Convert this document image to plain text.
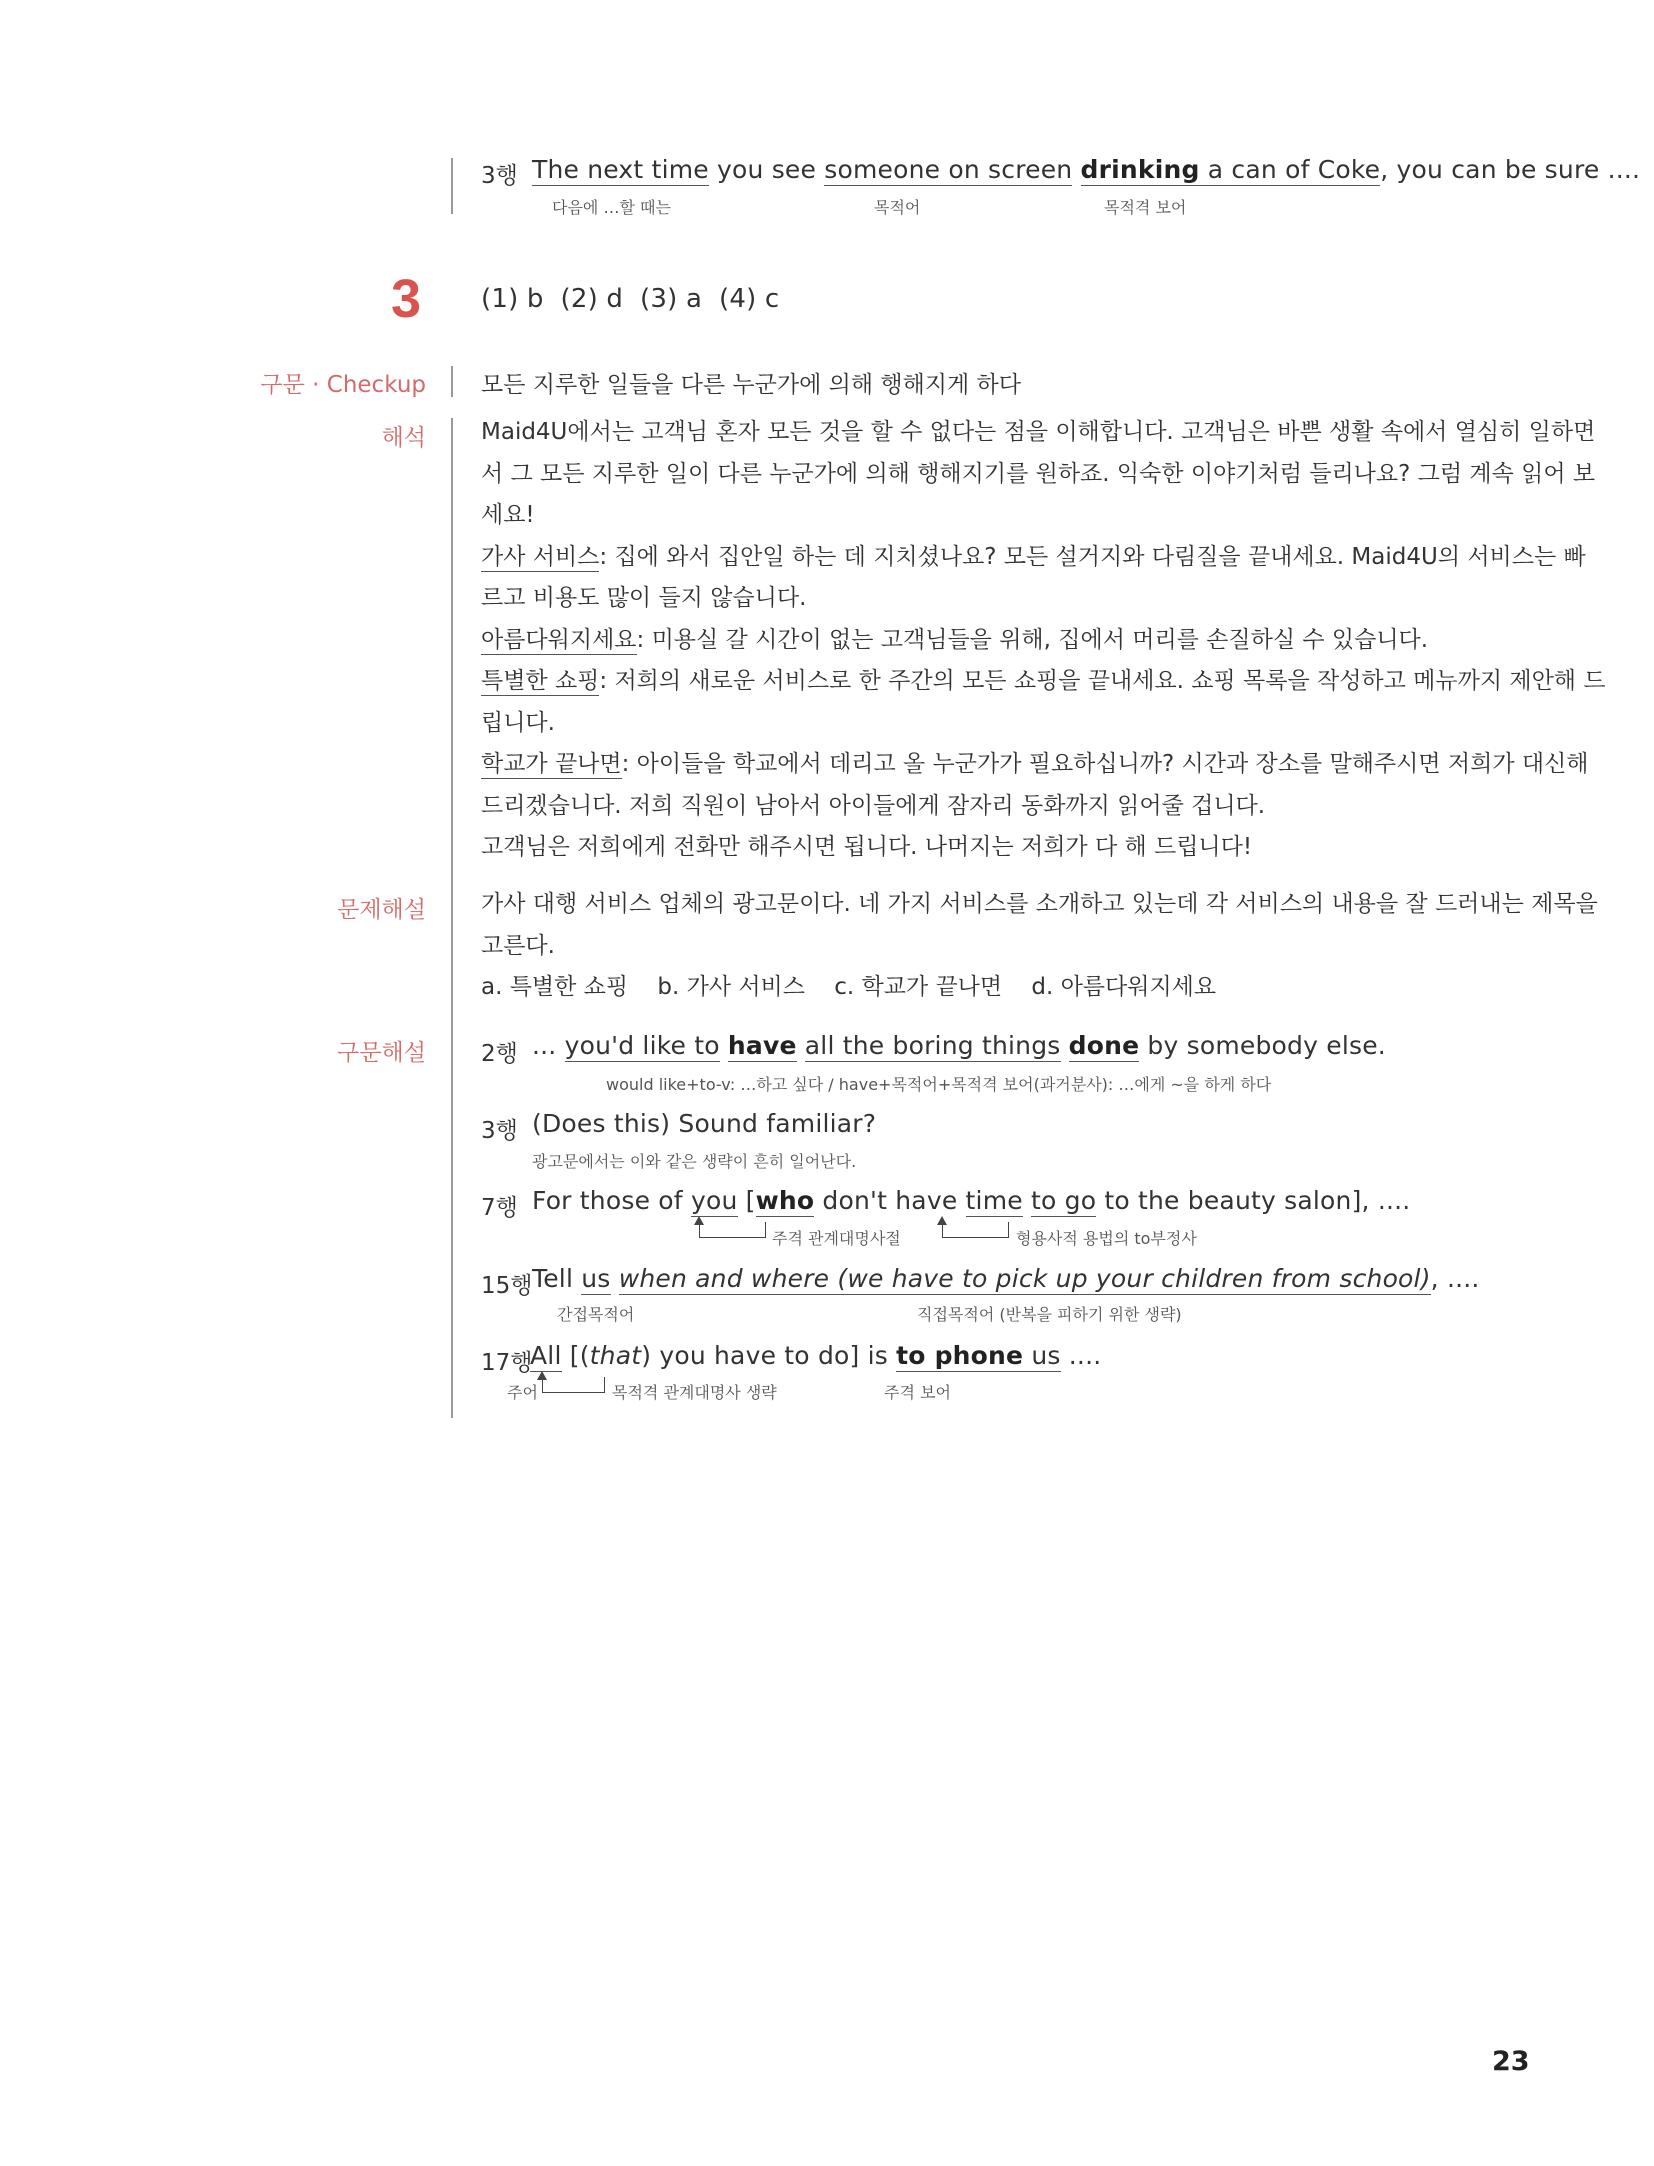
3행 The next time you see someone on screen drinking a can of Coke, you can be sure ....
다음에 …할 때는	목적어	목적격 보어
3 (1) b  (2) d  (3) a  (4) c
구문 · Checkup 모든 지루한 일들을 다른 누군가에 의해 행해지게 하다
해석 Maid4U에서는 고객님 혼자 모든 것을 할 수 없다는 점을 이해합니다. 고객님은 바쁜 생활 속에서 열심히 일하면
서 그 모든 지루한 일이 다른 누군가에 의해 행해지기를 원하죠. 익숙한 이야기처럼 들리나요? 그럼 계속 읽어 보
세요!
가사 서비스: 집에 와서 집안일 하는 데 지치셨나요? 모든 설거지와 다림질을 끝내세요. Maid4U의 서비스는 빠
르고 비용도 많이 들지 않습니다.
아름다워지세요: 미용실 갈 시간이 없는 고객님들을 위해, 집에서 머리를 손질하실 수 있습니다.
특별한 쇼핑: 저희의 새로운 서비스로 한 주간의 모든 쇼핑을 끝내세요. 쇼핑 목록을 작성하고 메뉴까지 제안해 드
립니다.
학교가 끝나면: 아이들을 학교에서 데리고 올 누군가가 필요하십니까? 시간과 장소를 말해주시면 저희가 대신해
드리겠습니다. 저희 직원이 남아서 아이들에게 잠자리 동화까지 읽어줄 겁니다.
고객님은 저희에게 전화만 해주시면 됩니다. 나머지는 저희가 다 해 드립니다!
문제해설 가사 대행 서비스 업체의 광고문이다. 네 가지 서비스를 소개하고 있는데 각 서비스의 내용을 잘 드러내는 제목을
고른다.
a. 특별한 쇼핑    b. 가사 서비스    c. 학교가 끝나면    d. 아름다워지세요
구문해설 2행 ... you'd like to have all the boring things done by somebody else.
would like+to-v: …하고 싶다 / have+목적어+목적격 보어(과거분사): …에게 ~을 하게 하다
3행 (Does this) Sound familiar?
광고문에서는 이와 같은 생략이 흔히 일어난다.
7행 For those of you [who don't have time to go to the beauty salon], ....
주격 관계대명사절	형용사적 용법의 to부정사
15행 Tell us when and where (we have to pick up your children from school), ....
간접목적어	직접목적어 (반복을 피하기 위한 생략)
17행
All [(that) you have to do] is to phone us ....
주어	목적격 관계대명사 생략	주격 보어
23
